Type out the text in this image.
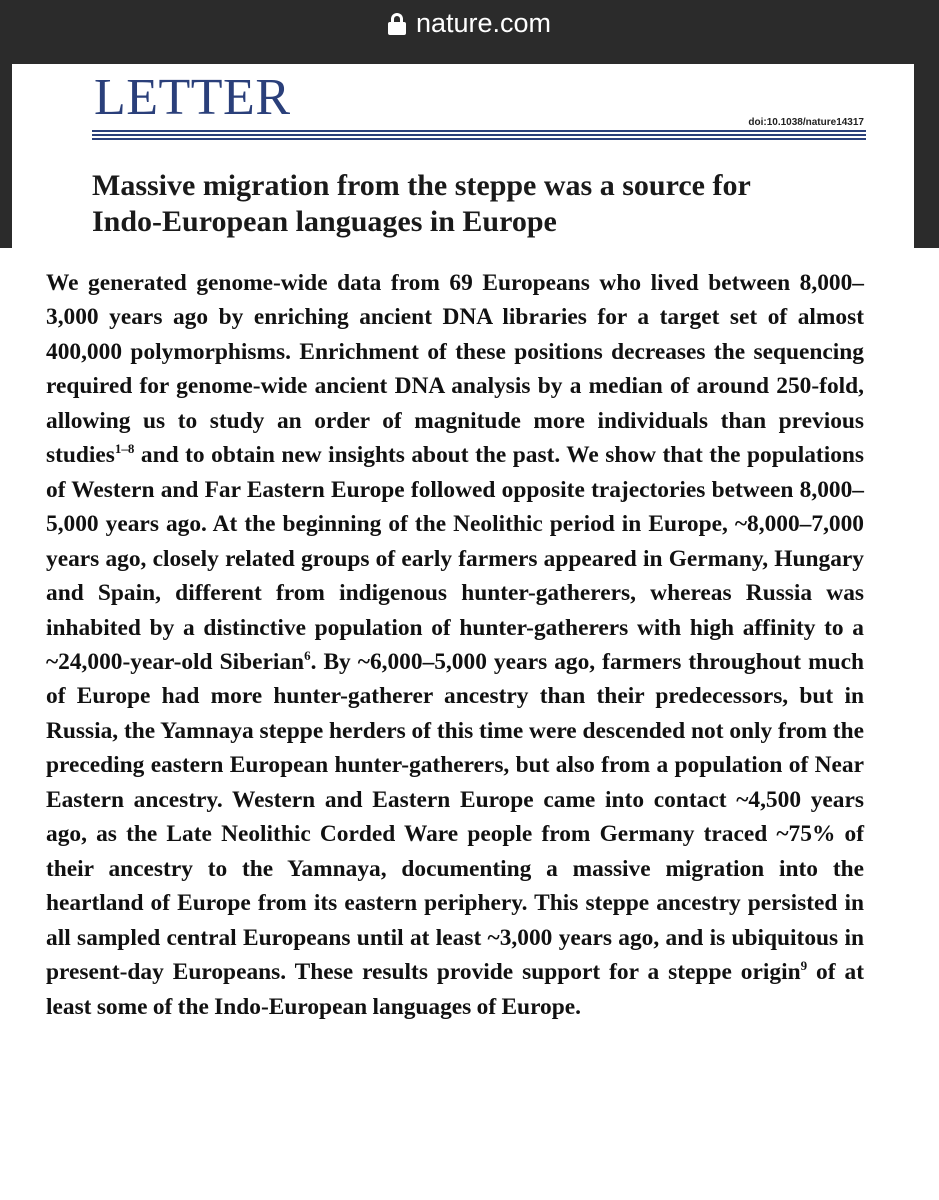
nature.com
LETTER	doi:10.1038/nature14317
Massive migration from the steppe was a source for
Indo-European languages in Europe
We generated genome-wide data from 69 Europeans who lived between 8,000–3,000 years ago by enriching ancient DNA libraries for a target set of almost 400,000 polymorphisms. Enrichment of these positions decreases the sequencing required for genome-wide ancient DNA analysis by a median of around 250-fold, allowing us to study an order of magnitude more individuals than previous studies$^{1-8}$ and to obtain new insights about the past. We show that the populations of Western and Far Eastern Europe followed opposite trajectories between 8,000–5,000 years ago. At the beginning of the Neolithic period in Europe, ~8,000–7,000 years ago, closely related groups of early farmers appeared in Germany, Hungary and Spain, different from indigenous hunter-gatherers, whereas Russia was inhabited by a distinctive population of hunter-gatherers with high affinity to a ~24,000-year-old Siberian$^6$. By ~6,000–5,000 years ago, farmers throughout much of Europe had more hunter-gatherer ancestry than their predecessors, but in Russia, the Yamnaya steppe herders of this time were descended not only from the preceding eastern European hunter-gatherers, but also from a population of Near Eastern ancestry. Western and Eastern Europe came into contact ~4,500 years ago, as the Late Neolithic Corded Ware people from Germany traced ~75% of their ancestry to the Yamnaya, documenting a massive migration into the heartland of Europe from its eastern periphery. This steppe ancestry persisted in all sampled central Europeans until at least ~3,000 years ago, and is ubiquitous in present-day Europeans. These results provide support for a steppe origin$^9$ of at least some of the Indo-European languages of Europe.
